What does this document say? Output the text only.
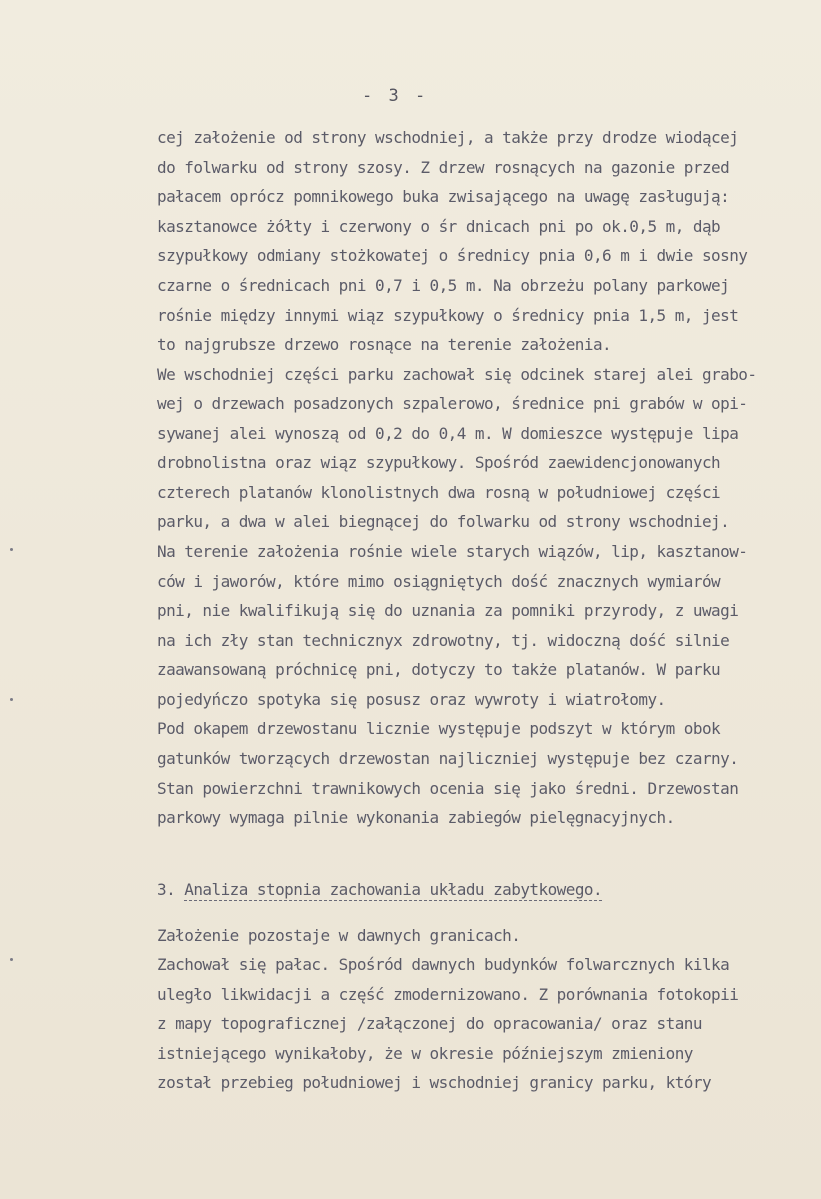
- 3 -
cej założenie od strony wschodniej, a także przy drodze wiodącej
do folwarku od strony szosy. Z drzew rosnących na gazonie przed
pałacem oprócz pomnikowego buka zwisającego na uwagę zasługują:
kasztanowce żółty i czerwony o śr dnicach pni po ok.0,5 m, dąb
szypułkowy odmiany stożkowatej o średnicy pnia 0,6 m i dwie sosny
czarne o średnicach pni 0,7 i 0,5 m. Na obrzeżu polany parkowej
rośnie między innymi wiąz szypułkowy o średnicy pnia 1,5 m, jest
to najgrubsze drzewo rosnące na terenie założenia.
We wschodniej części parku zachował się odcinek starej alei grabo-
wej o drzewach posadzonych szpalerowo, średnice pni grabów w opi-
sywanej alei wynoszą od 0,2 do 0,4 m. W domieszce występuje lipa
drobnolistna oraz wiąz szypułkowy. Spośród zaewidencjonowanych
czterech platanów klonolistnych dwa rosną w południowej części
parku, a dwa w alei biegnącej do folwarku od strony wschodniej.
Na terenie założenia rośnie wiele starych wiązów, lip, kasztanow-
ców i jaworów, które mimo osiągniętych dość znacznych wymiarów
pni, nie kwalifikują się do uznania za pomniki przyrody, z uwagi
na ich zły stan technicznyx zdrowotny, tj. widoczną dość silnie
zaawansowaną próchnicę pni, dotyczy to także platanów. W parku
pojedyńczo spotyka się posusz oraz wywroty i wiatrołomy.
Pod okapem drzewostanu licznie występuje podszyt w którym obok
gatunków tworzących drzewostan najliczniej występuje bez czarny.
Stan powierzchni trawnikowych ocenia się jako średni. Drzewostan
parkowy wymaga pilnie wykonania zabiegów pielęgnacyjnych.
3. Analiza stopnia zachowania układu zabytkowego.
Założenie pozostaje w dawnych granicach.
Zachował się pałac. Spośród dawnych budynków folwarcznych kilka
uległo likwidacji a część zmodernizowano. Z porównania fotokopii
z mapy topograficznej /załączonej do opracowania/ oraz stanu
istniejącego wynikałoby, że w okresie późniejszym zmieniony
został przebieg południowej i wschodniej granicy parku, który
